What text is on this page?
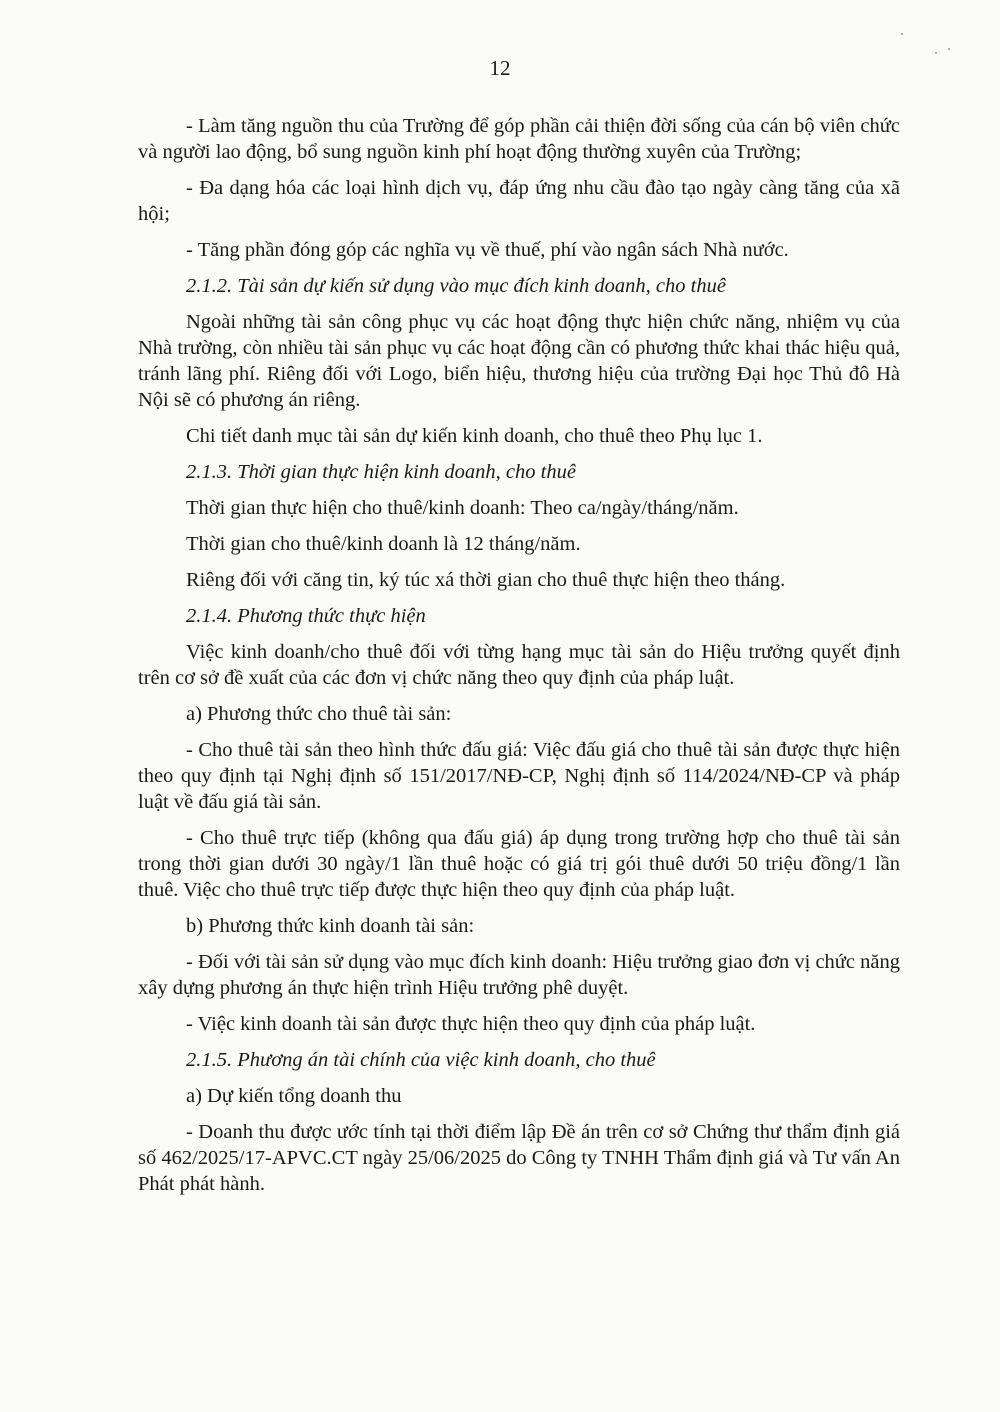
12

- Làm tăng nguồn thu của Trường để góp phần cải thiện đời sống của cán bộ viên chức và người lao động, bổ sung nguồn kinh phí hoạt động thường xuyên của Trường;

- Đa dạng hóa các loại hình dịch vụ, đáp ứng nhu cầu đào tạo ngày càng tăng của xã hội;

- Tăng phần đóng góp các nghĩa vụ về thuế, phí vào ngân sách Nhà nước.

2.1.2. Tài sản dự kiến sử dụng vào mục đích kinh doanh, cho thuê

Ngoài những tài sản công phục vụ các hoạt động thực hiện chức năng, nhiệm vụ của Nhà trường, còn nhiều tài sản phục vụ các hoạt động cần có phương thức khai thác hiệu quả, tránh lãng phí. Riêng đối với Logo, biển hiệu, thương hiệu của trường Đại học Thủ đô Hà Nội sẽ có phương án riêng.

Chi tiết danh mục tài sản dự kiến kinh doanh, cho thuê theo Phụ lục 1.

2.1.3. Thời gian thực hiện kinh doanh, cho thuê

Thời gian thực hiện cho thuê/kinh doanh: Theo ca/ngày/tháng/năm.

Thời gian cho thuê/kinh doanh là 12 tháng/năm.

Riêng đối với căng tin, ký túc xá thời gian cho thuê thực hiện theo tháng.

2.1.4. Phương thức thực hiện

Việc kinh doanh/cho thuê đối với từng hạng mục tài sản do Hiệu trưởng quyết định trên cơ sở đề xuất của các đơn vị chức năng theo quy định của pháp luật.

a) Phương thức cho thuê tài sản:

- Cho thuê tài sản theo hình thức đấu giá: Việc đấu giá cho thuê tài sản được thực hiện theo quy định tại Nghị định số 151/2017/NĐ-CP, Nghị định số 114/2024/NĐ-CP và pháp luật về đấu giá tài sản.

- Cho thuê trực tiếp (không qua đấu giá) áp dụng trong trường hợp cho thuê tài sản trong thời gian dưới 30 ngày/1 lần thuê hoặc có giá trị gói thuê dưới 50 triệu đồng/1 lần thuê. Việc cho thuê trực tiếp được thực hiện theo quy định của pháp luật.

b) Phương thức kinh doanh tài sản:

- Đối với tài sản sử dụng vào mục đích kinh doanh: Hiệu trưởng giao đơn vị chức năng xây dựng phương án thực hiện trình Hiệu trưởng phê duyệt.

- Việc kinh doanh tài sản được thực hiện theo quy định của pháp luật.

2.1.5. Phương án tài chính của việc kinh doanh, cho thuê

a) Dự kiến tổng doanh thu

- Doanh thu được ước tính tại thời điểm lập Đề án trên cơ sở Chứng thư thẩm định giá số 462/2025/17-APVC.CT ngày 25/06/2025 do Công ty TNHH Thẩm định giá và Tư vấn An Phát phát hành.
